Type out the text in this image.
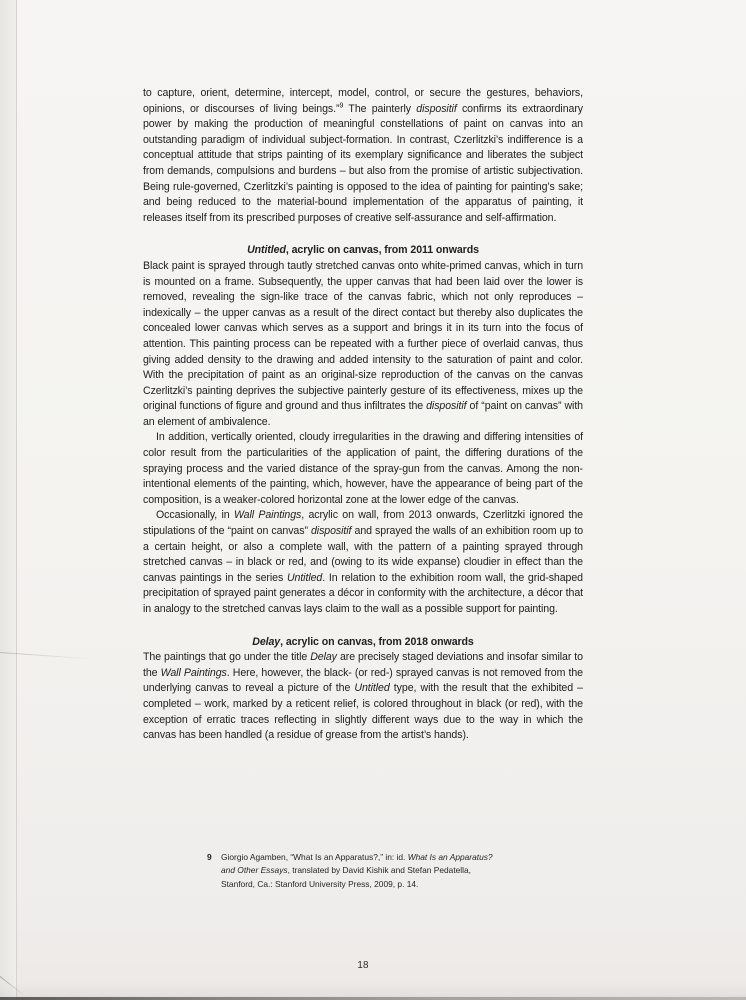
to capture, orient, determine, intercept, model, control, or secure the gestures, behaviors, opinions, or discourses of living beings.”$^9$ The painterly dispositif confirms its extraordinary power by making the production of meaningful constellations of paint on canvas into an outstanding paradigm of individual subject-formation. In contrast, Czerlitzki’s indifference is a conceptual attitude that strips painting of its exemplary significance and liberates the subject from demands, compulsions and burdens – but also from the promise of artistic subjectivation. Being rule-governed, Czerlitzki’s painting is opposed to the idea of painting for painting’s sake; and being reduced to the material-bound implementation of the apparatus of painting, it releases itself from its prescribed purposes of creative self-assurance and self-affirmation.

Untitled, acrylic on canvas, from 2011 onwards

Black paint is sprayed through tautly stretched canvas onto white-primed canvas, which in turn is mounted on a frame. Subsequently, the upper canvas that had been laid over the lower is removed, revealing the sign-like trace of the canvas fabric, which not only reproduces – indexically – the upper canvas as a result of the direct contact but thereby also duplicates the concealed lower canvas which serves as a support and brings it in its turn into the focus of attention. This painting process can be repeated with a further piece of overlaid canvas, thus giving added density to the drawing and added intensity to the saturation of paint and color. With the precipitation of paint as an original-size reproduction of the canvas on the canvas Czerlitzki’s painting deprives the subjective painterly gesture of its effectiveness, mixes up the original functions of figure and ground and thus infiltrates the dispositif of “paint on canvas” with an element of ambivalence.

In addition, vertically oriented, cloudy irregularities in the drawing and differing intensities of color result from the particularities of the application of paint, the differing durations of the spraying process and the varied distance of the spray-gun from the canvas. Among the non-intentional elements of the painting, which, however, have the appearance of being part of the composition, is a weaker-colored horizontal zone at the lower edge of the canvas.

Occasionally, in Wall Paintings, acrylic on wall, from 2013 onwards, Czerlitzki ignored the stipulations of the “paint on canvas” dispositif and sprayed the walls of an exhibition room up to a certain height, or also a complete wall, with the pattern of a painting sprayed through stretched canvas – in black or red, and (owing to its wide expanse) cloudier in effect than the canvas paintings in the series Untitled. In relation to the exhibition room wall, the grid-shaped precipitation of sprayed paint generates a décor in conformity with the architecture, a décor that in analogy to the stretched canvas lays claim to the wall as a possible support for painting.

Delay, acrylic on canvas, from 2018 onwards

The paintings that go under the title Delay are precisely staged deviations and insofar similar to the Wall Paintings. Here, however, the black- (or red-) sprayed canvas is not removed from the underlying canvas to reveal a picture of the Untitled type, with the result that the exhibited – completed – work, marked by a reticent relief, is colored throughout in black (or red), with the exception of erratic traces reflecting in slightly different ways due to the way in which the canvas has been handled (a residue of grease from the artist’s hands).

9	Giorgio Agamben, “What Is an Apparatus?,” in: id. What Is an Apparatus? and Other Essays, translated by David Kishik and Stefan Pedatella, Stanford, Ca.: Stanford University Press, 2009, p. 14.
18
